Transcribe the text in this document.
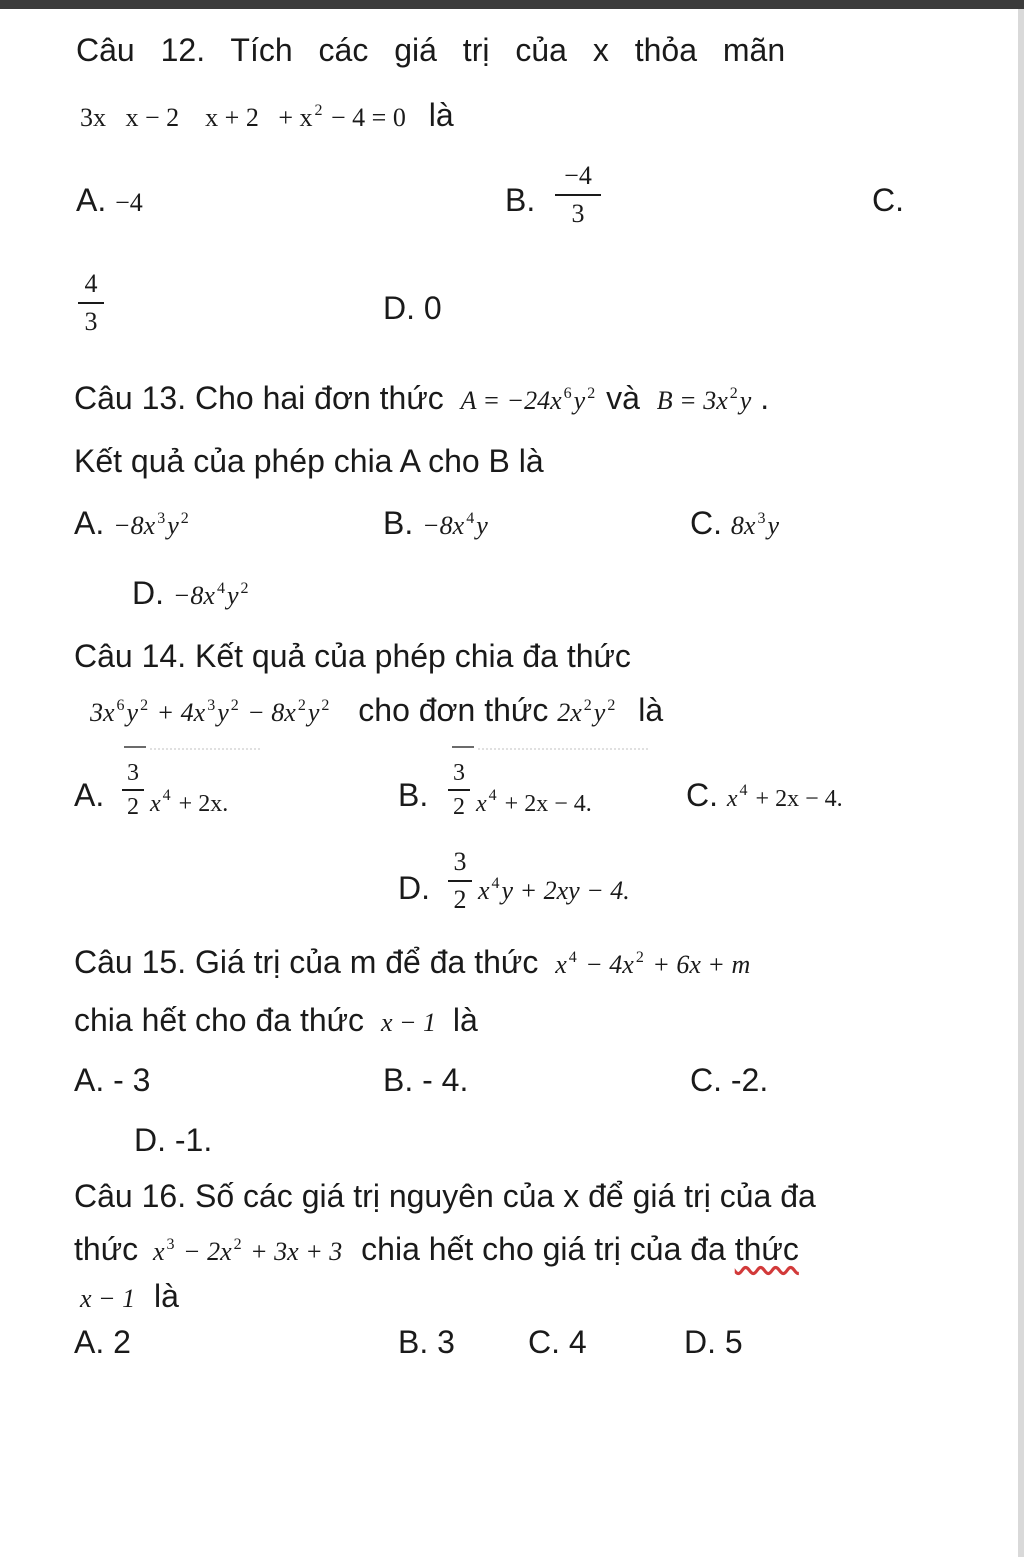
Câu 12. Tích các giá trị của x thỏa mãn
3x   x − 2    x + 2   + x $^2$ − 4 = 0 là
A. −4	B.
−4
3	C.
4
3	D. 0
Câu 13. Cho hai đơn thức A = −24x $^6$y $^2$ và B = 3x $^2$y .
Kết quả của phép chia A cho B là
A. −8x $^3$y $^2$	B. −8x $^4$y	C. 8x $^3$y
D. −8x $^4$y $^2$
Câu 14. Kết quả của phép chia đa thức
3x $^6$y $^2$ + 4x $^3$y $^2$ − 8x $^2$y $^2$ cho đơn thức 2x $^2$y $^2$ là
A.
3
2 x $^4$ + 2x.	B.
3
2 x $^4$ + 2x − 4.	C. x $^4$ + 2x − 4.
D.
3
2 x $^4$y + 2xy − 4.
Câu 15. Giá trị của m để đa thức x $^4$ − 4x $^2$ + 6x + m
chia hết cho đa thức x − 1 là
A. - 3	B. - 4.	C. -2.
D. -1.
Câu 16. Số các giá trị nguyên của x để giá trị của đa
thức x $^3$ − 2x $^2$ + 3x + 3 chia hết cho giá trị của đa thức
x − 1 là
A. 2	B. 3 C. 4	D. 5
